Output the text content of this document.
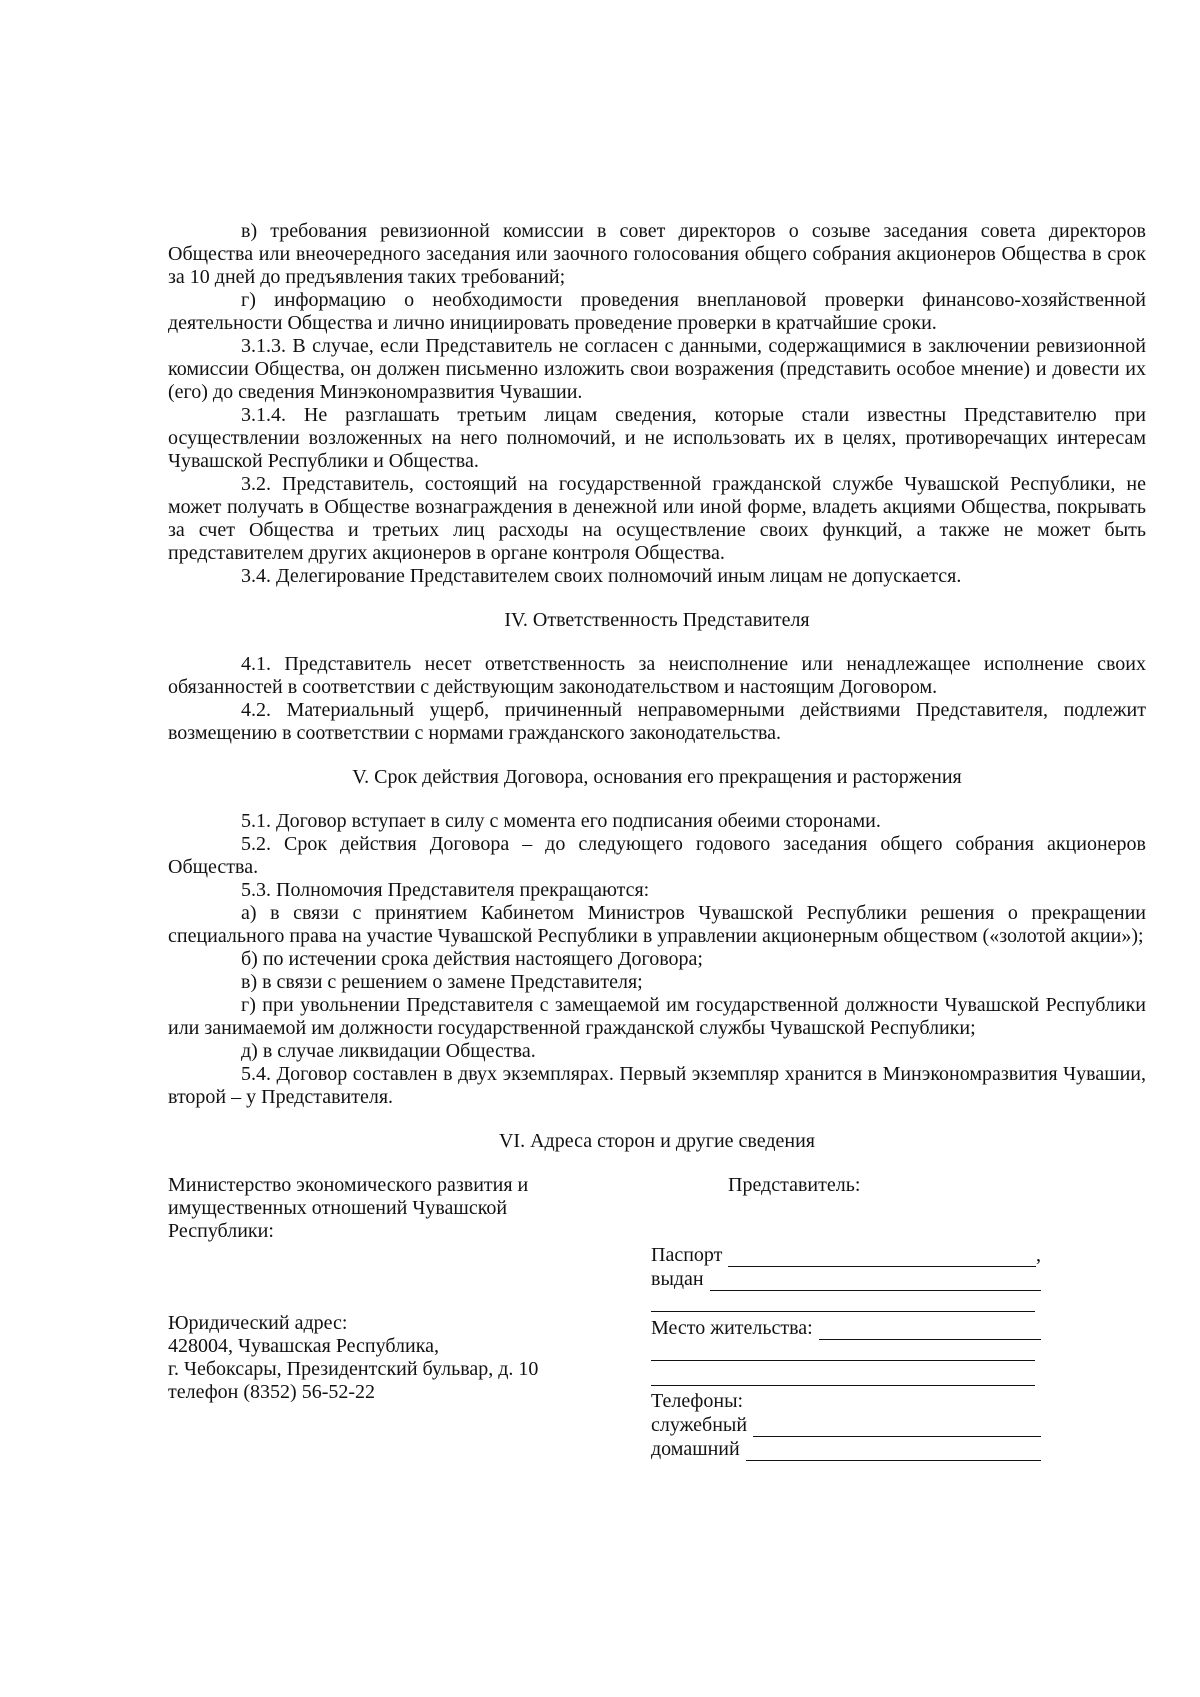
в) требования ревизионной комиссии в совет директоров о созыве заседания совета директоров Общества или внеочередного заседания или заочного голосования общего собрания акционеров Общества в срок за 10 дней до предъявления таких требований;

г) информацию о необходимости проведения внеплановой проверки финансово-хозяйственной деятельности Общества и лично инициировать проведение проверки в кратчайшие сроки.

3.1.3. В случае, если Представитель не согласен с данными, содержащимися в заключении ревизионной комиссии Общества, он должен письменно изложить свои возражения (представить особое мнение) и довести их (его) до сведения Минэкономразвития Чувашии.

3.1.4. Не разглашать третьим лицам сведения, которые стали известны Представителю при осуществлении возложенных на него полномочий, и не использовать их в целях, противоречащих интересам Чувашской Республики и Общества.

3.2. Представитель, состоящий на государственной гражданской службе Чувашской Республики, не может получать в Обществе вознаграждения в денежной или иной форме, владеть акциями Общества, покрывать за счет Общества и третьих лиц расходы на осуществление своих функций, а также не может быть представителем других акционеров в органе контроля Общества.

3.4. Делегирование Представителем своих полномочий иным лицам не допускается.

IV. Ответственность Представителя

4.1. Представитель несет ответственность за неисполнение или ненадлежащее исполнение своих обязанностей в соответствии с действующим законодательством и настоящим Договором.

4.2. Материальный ущерб, причиненный неправомерными действиями Представителя, подлежит возмещению в соответствии с нормами гражданского законодательства.

V. Срок действия Договора, основания его прекращения и расторжения

5.1. Договор вступает в силу с момента его подписания обеими сторонами.

5.2. Срок действия Договора – до следующего годового заседания общего собрания акционеров Общества.

5.3. Полномочия Представителя прекращаются:

а) в связи с принятием Кабинетом Министров Чувашской Республики решения о прекращении специального права на участие Чувашской Республики в управлении акционерным обществом («золотой акции»);

б) по истечении срока действия настоящего Договора;

в) в связи с решением о замене Представителя;

г) при увольнении Представителя с замещаемой им государственной должности Чувашской Республики или занимаемой им должности государственной гражданской службы Чувашской Республики;

д) в случае ликвидации Общества.

5.4. Договор составлен в двух экземплярах. Первый экземпляр хранится в Минэкономразвития Чувашии, второй – у Представителя.

VI. Адреса сторон и другие сведения
Министерство экономического развития и
имущественных отношений Чувашской
Республики:
Юридический адрес:
428004, Чувашская Республика,
г. Чебоксары, Президентский бульвар, д. 10
телефон (8352) 56-52-22
Представитель:
Паспорт	,
выдан
Место жительства:
Телефоны:
служебный
домашний
